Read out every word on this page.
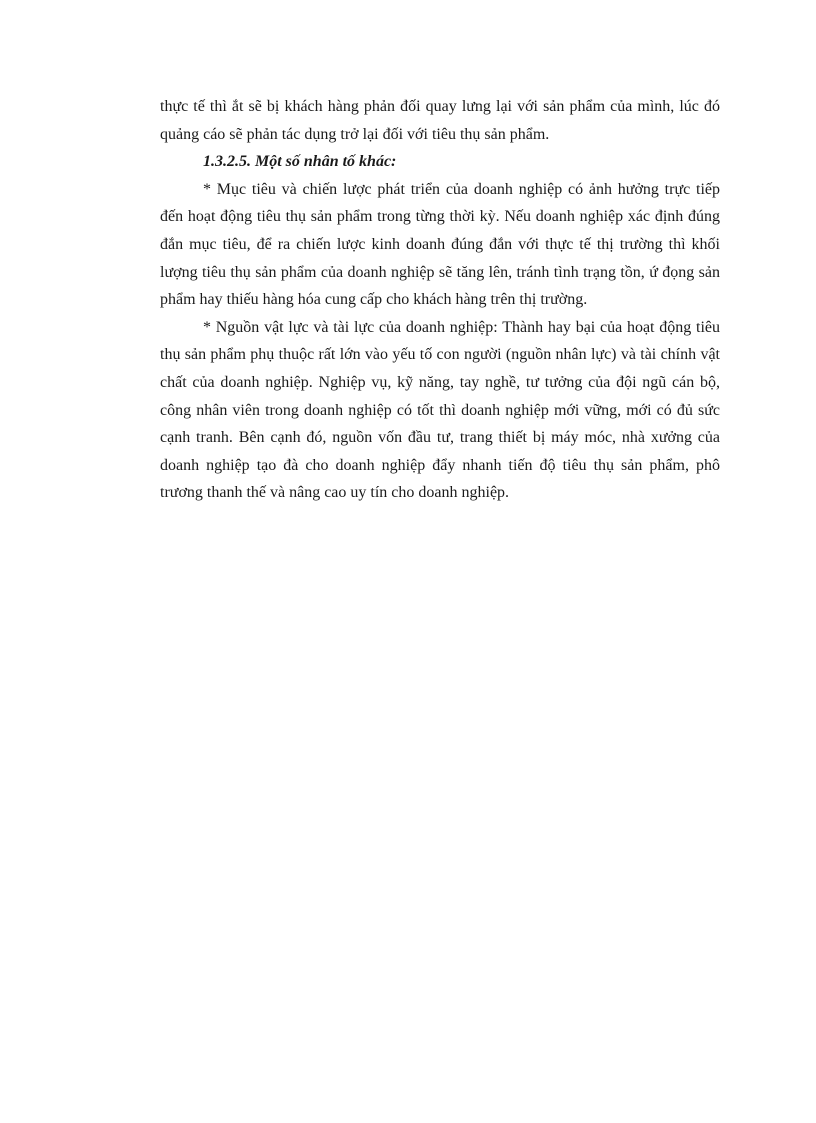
thực tế thì ắt sẽ bị khách hàng phản đối quay lưng lại với sản phẩm của mình, lúc đó quảng cáo sẽ phản tác dụng trở lại đối với tiêu thụ sản phẩm.

1.3.2.5. Một số nhân tố khác:

* Mục tiêu và chiến lược phát triển của doanh nghiệp có ảnh hưởng trực tiếp đến hoạt động tiêu thụ sản phẩm trong từng thời kỳ. Nếu doanh nghiệp xác định đúng đắn mục tiêu, để ra chiến lược kinh doanh đúng đắn với thực tế thị trường thì khối lượng tiêu thụ sản phẩm của doanh nghiệp sẽ tăng lên, tránh tình trạng tồn, ứ đọng sản phẩm hay thiếu hàng hóa cung cấp cho khách hàng trên thị trường.

* Nguồn vật lực và tài lực của doanh nghiệp: Thành hay bại của hoạt động tiêu thụ sản phẩm phụ thuộc rất lớn vào yếu tố con người (nguồn nhân lực) và tài chính vật chất của doanh nghiệp. Nghiệp vụ, kỹ năng, tay nghề, tư tưởng của đội ngũ cán bộ, công nhân viên trong doanh nghiệp có tốt thì doanh nghiệp mới vững, mới có đủ sức cạnh tranh. Bên cạnh đó, nguồn vốn đầu tư, trang thiết bị máy móc, nhà xưởng của doanh nghiệp tạo đà cho doanh nghiệp đẩy nhanh tiến độ tiêu thụ sản phẩm, phô trương thanh thế và nâng cao uy tín cho doanh nghiệp.
